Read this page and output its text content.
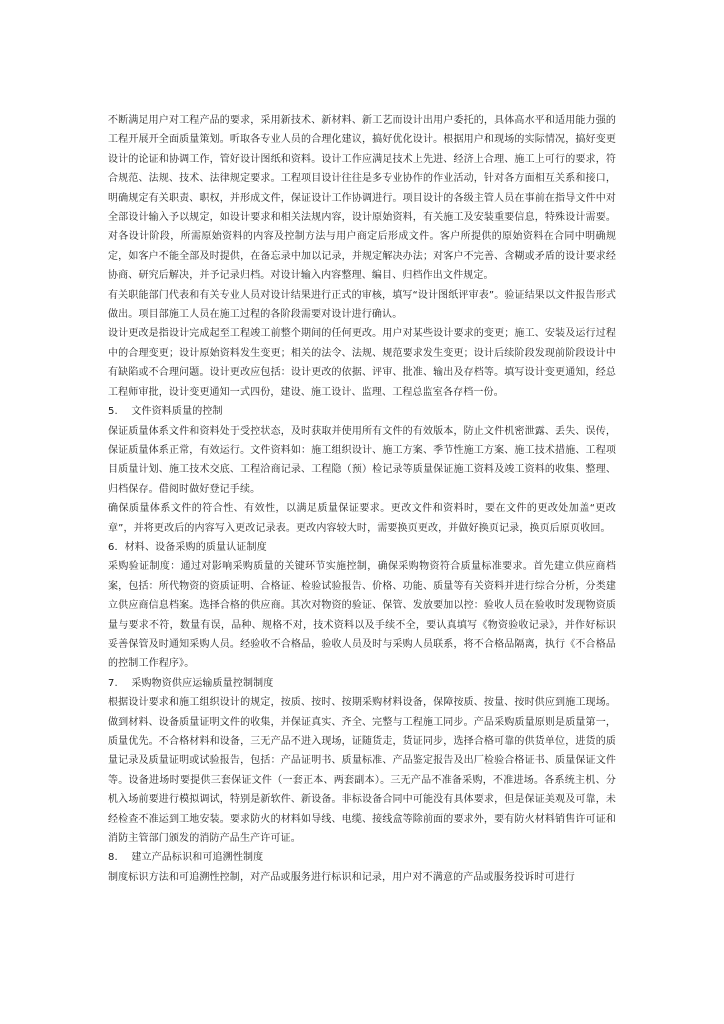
不断满足用户对工程产品的要求，采用新技术、新材料、新工艺而设计出用户委托的，具体高水平和适用能力强的工程开展开全面质量策划。听取各专业人员的合理化建议，搞好优化设计。根据用户和现场的实际情况，搞好变更设计的论证和协调工作，管好设计图纸和资料。设计工作应满足技术上先进、经济上合理、施工上可行的要求，符合规范、法规、技术、法律规定要求。工程项目设计往往是多专业协作的作业活动，针对各方面相互关系和接口，明确规定有关职责、职权，并形成文件，保证设计工作协调进行。项目设计的各级主管人员在事前在指导文件中对全部设计输入予以规定，如设计要求和相关法规内容，设计原始资料，有关施工及安装重要信息，特殊设计需要。对各设计阶段，所需原始资料的内容及控制方法与用户商定后形成文件。客户所提供的原始资料在合同中明确规定，如客户不能全部及时提供，在备忘录中加以记录，并规定解决办法；对客户不完善、含糊或矛盾的设计要求经协商、研究后解决，并予记录归档。对设计输入内容整理、编目、归档作出文件规定。

有关职能部门代表和有关专业人员对设计结果进行正式的审核，填写“设计图纸评审表”。验证结果以文件报告形式做出。项目部施工人员在施工过程的各阶段需要对设计进行确认。

设计更改是指设计完成起至工程竣工前整个期间的任何更改。用户对某些设计要求的变更；施工、安装及运行过程中的合理变更；设计原始资料发生变更；相关的法令、法规、规范要求发生变更；设计后续阶段发现前阶段设计中有缺陷或不合理问题。设计更改应包括：设计更改的依据、评审、批准、输出及存档等。填写设计变更通知，经总工程师审批，设计变更通知一式四份，建设、施工设计、监理、工程总监室各存档一份。

5.　 文件资料质量的控制

保证质量体系文件和资料处于受控状态，及时获取并使用所有文件的有效版本，防止文件机密泄露、丢失、误传，保证质量体系正常，有效运行。文件资料如：施工组织设计、施工方案、季节性施工方案、施工技术措施、工程项目质量计划、施工技术交底、工程洽商记录、工程隐（预）检记录等质量保证施工资料及竣工资料的收集、整理、归档保存。借阅时做好登记手续。

确保质量体系文件的符合性、有效性，以满足质量保证要求。更改文件和资料时，要在文件的更改处加盖“更改章”，并将更改后的内容写入更改记录表。更改内容较大时，需要换页更改，并做好换页记录，换页后原页收回。

6．材料、设备采购的质量认证制度

采购验证制度：通过对影响采购质量的关键环节实施控制，确保采购物资符合质量标准要求。首先建立供应商档案，包括：所代物资的资质证明、合格证、检验试验报告、价格、功能、质量等有关资料并进行综合分析，分类建立供应商信息档案。选择合格的供应商。其次对物资的验证、保管、发放要加以控：验收人员在验收时发现物资质量与要求不符，数量有误，品种、规格不对，技术资料以及手续不全，要认真填写《物资验收记录》，并作好标识妥善保管及时通知采购人员。经验收不合格品，验收人员及时与采购人员联系，将不合格品隔离，执行《不合格品的控制工作程序》。

7.　 采购物资供应运输质量控制制度

根据设计要求和施工组织设计的规定，按质、按时、按期采购材料设备，保障按质、按量、按时供应到施工现场。做到材料、设备质量证明文件的收集，并保证真实、齐全、完整与工程施工同步。产品采购质量原则是质量第一，质量优先。不合格材料和设备，三无产品不进入现场，证随货走，货证同步，选择合格可靠的供货单位，进货的质量记录及质量证明或试验报告，包括：产品证明书、质量标准、产品鉴定报告及出厂检验合格证书、质量保证文件等。设备进场时要提供三套保证文件（一套正本、两套副本）。三无产品不准备采购，不准进场。各系统主机、分机入场前要进行模拟调试，特别是新软件、新设备。非标设备合同中可能没有具体要求，但是保证美观及可靠，未经检查不准运到工地安装。要求防火的材料如导线、电缆、接线盒等除前面的要求外，要有防火材料销售许可证和消防主管部门颁发的消防产品生产许可证。

8.　 建立产品标识和可追溯性制度

制度标识方法和可追溯性控制，对产品或服务进行标识和记录，用户对不满意的产品或服务投诉时可进行
